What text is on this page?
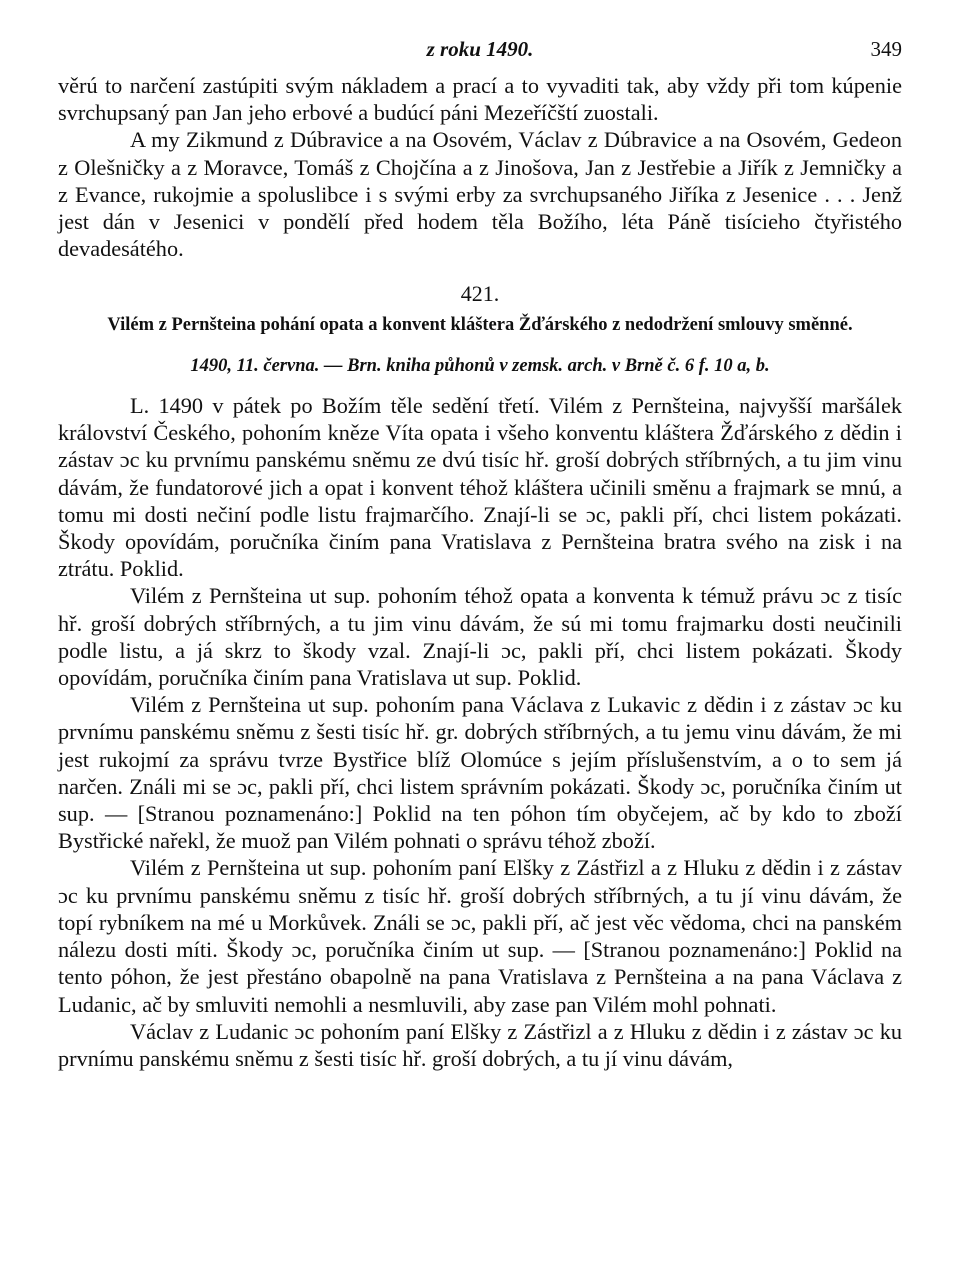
z roku 1490.	349

věrú to narčení zastúpiti svým nákladem a prací a to vyvaditi tak, aby vždy při tom kúpenie svrchupsaný pan Jan jeho erbové a budúcí páni Mezeříčští zuostali.

A my Zikmund z Dúbravice a na Osovém, Václav z Dúbravice a na Osovém, Gedeon z Olešničky a z Moravce, Tomáš z Chojčína a z Jinošova, Jan z Jestřebie a Jiřík z Jemničky a z Evance, rukojmie a spoluslibce i s svými erby za svrchupsaného Jiříka z Jesenice . . . Jenž jest dán v Jesenici v pondělí před hodem těla Božího, léta Páně tisícieho čtyřistého devadesátého.

421.
Vilém z Pernšteina pohání opata a konvent kláštera Žďárského z nedodržení smlouvy směnné.
1490, 11. června. — Brn. kniha půhonů v zemsk. arch. v Brně č. 6 f. 10 a, b.

L. 1490 v pátek po Božím těle sedění třetí. Vilém z Pernšteina, najvyšší maršálek království Českého, pohoním kněze Víta opata i všeho konventu kláštera Žďárského z dědin i zástav ɔc ku prvnímu panskému sněmu ze dvú tisíc hř. groší dobrých stříbrných, a tu jim vinu dávám, že fundatorové jich a opat i konvent téhož kláštera učinili směnu a frajmark se mnú, a tomu mi dosti nečiní podle listu frajmarčího. Znají-li se ɔc, pakli pří, chci listem pokázati. Škody opovídám, poručníka činím pana Vratislava z Pernšteina bratra svého na zisk i na ztrátu. Poklid.

Vilém z Pernšteina ut sup. pohoním téhož opata a konventa k témuž právu ɔc z tisíc hř. groší dobrých stříbrných, a tu jim vinu dávám, že sú mi tomu frajmarku dosti neučinili podle listu, a já skrz to škody vzal. Znají-li ɔc, pakli pří, chci listem pokázati. Škody opovídám, poručníka činím pana Vratislava ut sup. Poklid.

Vilém z Pernšteina ut sup. pohoním pana Václava z Lukavic z dědin i z zástav ɔc ku prvnímu panskému sněmu z šesti tisíc hř. gr. dobrých stříbrných, a tu jemu vinu dávám, že mi jest rukojmí za správu tvrze Bystřice blíž Olomúce s jejím příslušenstvím, a o to sem já narčen. Ználi mi se ɔc, pakli pří, chci listem správním pokázati. Škody ɔc, poručníka činím ut sup. — [Stranou poznamenáno:] Poklid na ten póhon tím obyčejem, ač by kdo to zboží Bystřické nařekl, že muož pan Vilém pohnati o správu téhož zboží.

Vilém z Pernšteina ut sup. pohoním paní Elšky z Zástřizl a z Hluku z dědin i z zástav ɔc ku prvnímu panskému sněmu z tisíc hř. groší dobrých stříbrných, a tu jí vinu dávám, že topí rybníkem na mé u Morkůvek. Ználi se ɔc, pakli pří, ač jest věc vědoma, chci na panském nálezu dosti míti. Škody ɔc, poručníka činím ut sup. — [Stranou poznamenáno:] Poklid na tento póhon, že jest přestáno obapolně na pana Vratislava z Pernšteina a na pana Václava z Ludanic, ač by smluviti nemohli a nesmluvili, aby zase pan Vilém mohl pohnati.

Václav z Ludanic ɔc pohoním paní Elšky z Zástřizl a z Hluku z dědin i z zástav ɔc ku prvnímu panskému sněmu z šesti tisíc hř. groší dobrých, a tu jí vinu dávám,
